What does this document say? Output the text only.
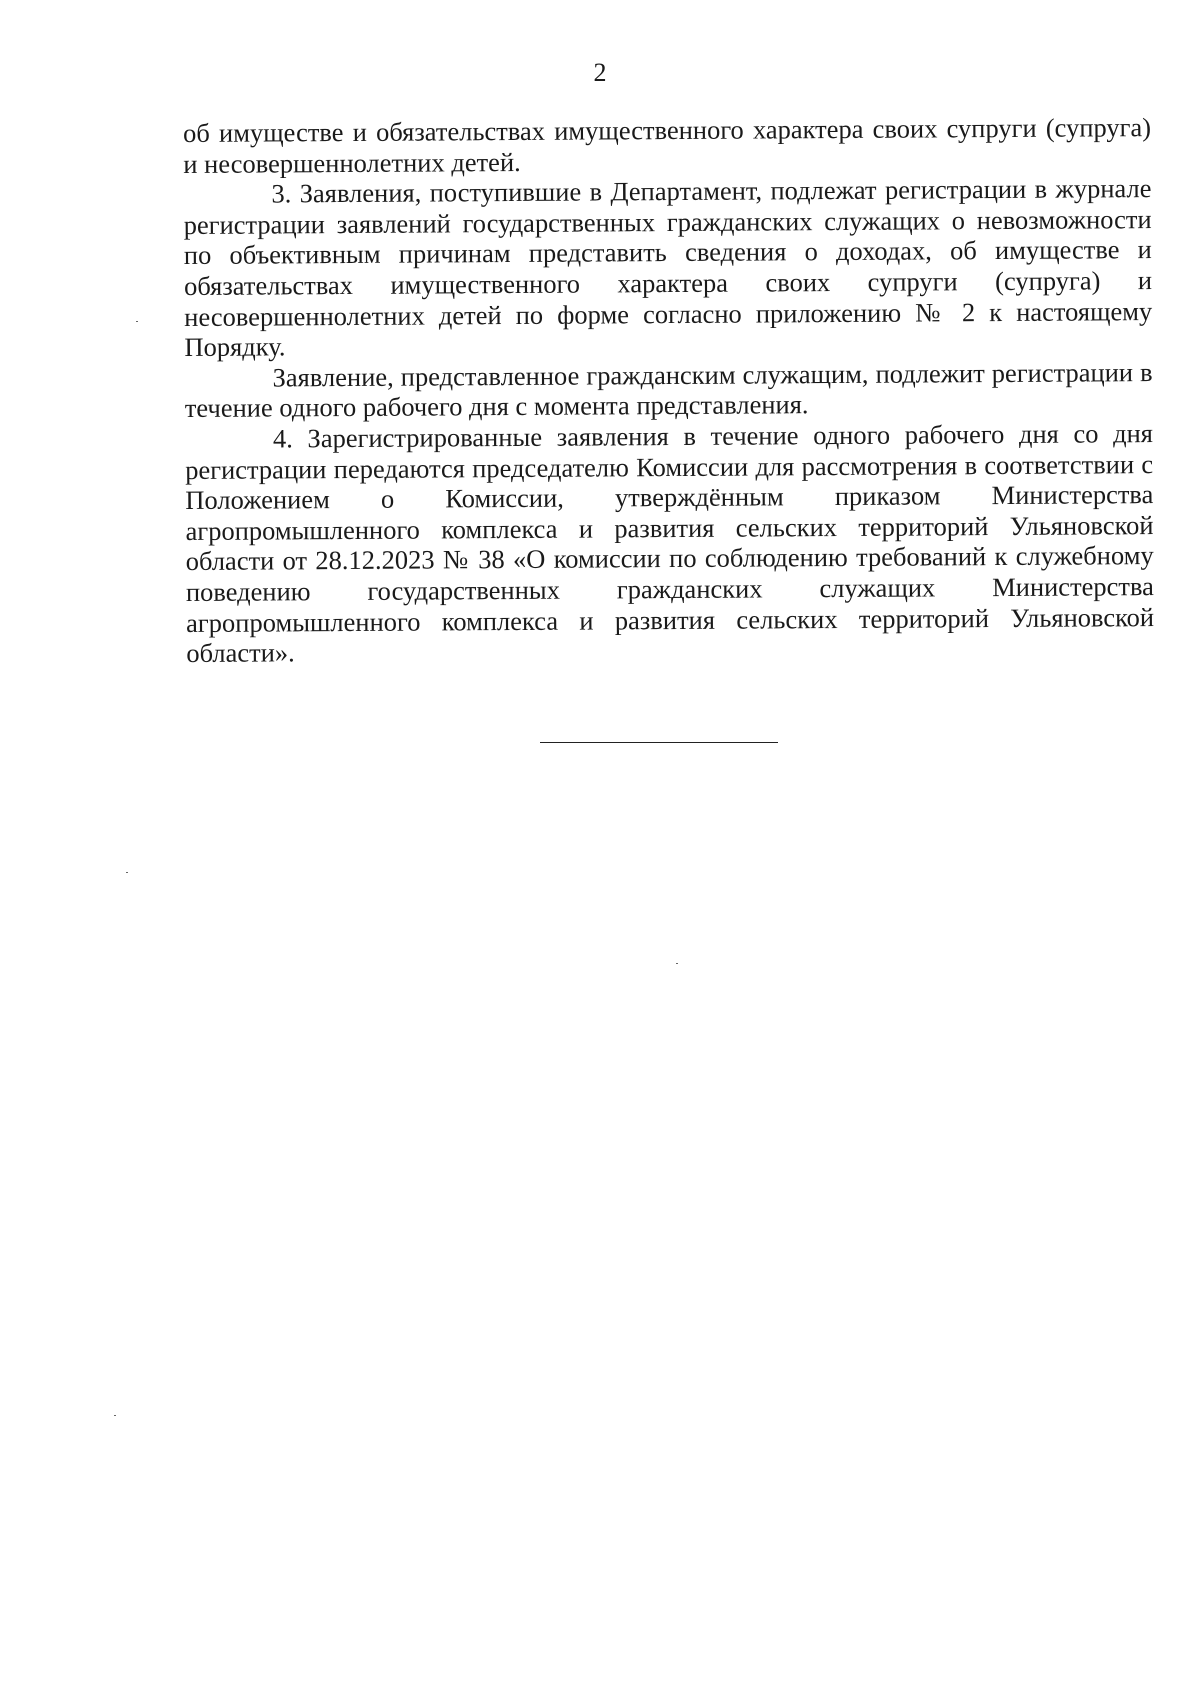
2

об имуществе и обязательствах имущественного характера своих супруги (супруга) и несовершеннолетних детей.

3. Заявления, поступившие в Департамент, подлежат регистрации в журнале регистрации заявлений государственных гражданских служащих о невозможности по объективным причинам представить сведения о доходах, об имуществе и обязательствах имущественного характера своих супруги (супруга) и несовершеннолетних детей по форме согласно приложению № 2 к настоящему Порядку.

Заявление, представленное гражданским служащим, подлежит регистрации в течение одного рабочего дня с момента представления.

4. Зарегистрированные заявления в течение одного рабочего дня со дня регистрации передаются председателю Комиссии для рассмотрения в соответствии с Положением о Комиссии, утверждённым приказом Министерства агропромышленного комплекса и развития сельских территорий Ульяновской области от 28.12.2023 № 38 «О комиссии по соблюдению требований к служебному поведению государственных гражданских служащих Министерства агропромышленного комплекса и развития сельских территорий Ульяновской области».
